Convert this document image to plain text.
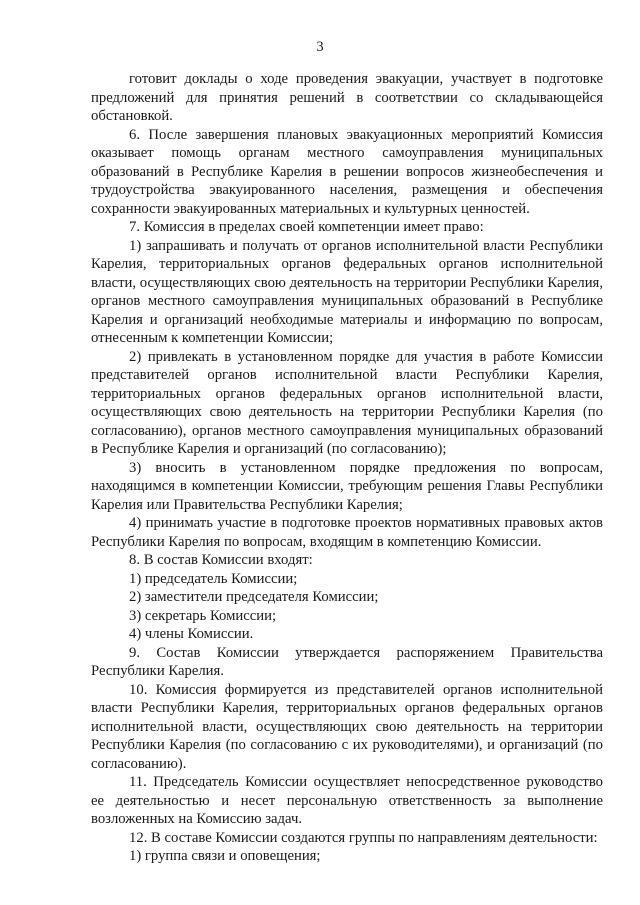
3

готовит доклады о ходе проведения эвакуации, участвует в подготовке предложений для принятия решений в соответствии со складывающейся обстановкой.

6. После завершения плановых эвакуационных мероприятий Комиссия оказывает помощь органам местного самоуправления муниципальных образований в Республике Карелия в решении вопросов жизнеобеспечения и трудоустройства эвакуированного населения, размещения и обеспечения сохранности эвакуированных материальных и культурных ценностей.

7. Комиссия в пределах своей компетенции имеет право:

1) запрашивать и получать от органов исполнительной власти Республики Карелия, территориальных органов федеральных органов исполнительной власти, осуществляющих свою деятельность на территории Республики Карелия, органов местного самоуправления муниципальных образований в Республике Карелия и организаций необходимые материалы и информацию по вопросам, отнесенным к компетенции Комиссии;

2) привлекать в установленном порядке для участия в работе Комиссии представителей органов исполнительной власти Республики Карелия, территориальных органов федеральных органов исполнительной власти, осуществляющих свою деятельность на территории Республики Карелия (по согласованию), органов местного самоуправления муниципальных образований в Республике Карелия и организаций (по согласованию);

3) вносить в установленном порядке предложения по вопросам, находящимся в компетенции Комиссии, требующим решения Главы Республики Карелия или Правительства Республики Карелия;

4) принимать участие в подготовке проектов нормативных правовых актов Республики Карелия по вопросам, входящим в компетенцию Комиссии.

8. В состав Комиссии входят:

1) председатель Комиссии;

2) заместители председателя Комиссии;

3) секретарь Комиссии;

4) члены Комиссии.

9. Состав Комиссии утверждается распоряжением Правительства Республики Карелия.

10. Комиссия формируется из представителей органов исполнительной власти Республики Карелия, территориальных органов федеральных органов исполнительной власти, осуществляющих свою деятельность на территории Республики Карелия (по согласованию с их руководителями), и организаций (по согласованию).

11. Председатель Комиссии осуществляет непосредственное руководство ее деятельностью и несет персональную ответственность за выполнение возложенных на Комиссию задач.

12. В составе Комиссии создаются группы по направлениям деятельности:

1) группа связи и оповещения;
